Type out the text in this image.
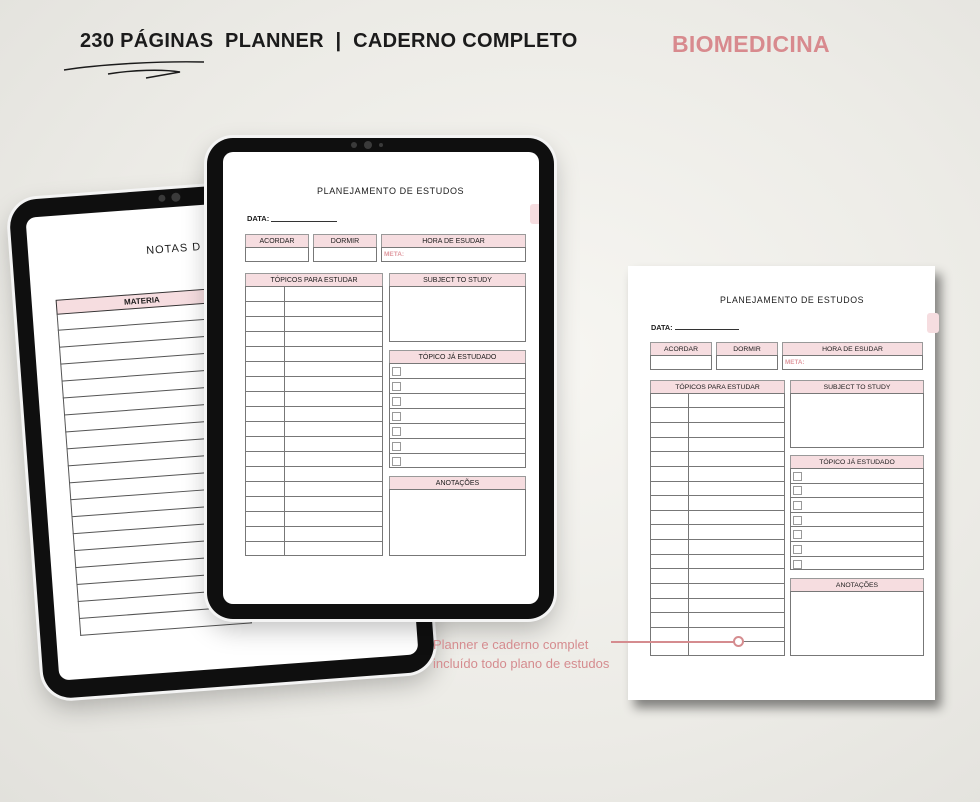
230 PÁGINAS  PLANNER  |  CADERNO COMPLETO	BIOMEDICINA
NOTAS D
MATERIA
PLANEJAMENTO DE ESTUDOS
DATA:
ACORDAR	DORMIR	HORA DE ESUDAR
META:
TÓPICOS PARA ESTUDAR	SUBJECT TO STUDY
TÓPICO JÁ ESTUDADO
ANOTAÇÕES
PLANEJAMENTO DE ESTUDOS
DATA:
ACORDAR	DORMIR	HORA DE ESUDAR
META:
TÓPICOS PARA ESTUDAR	SUBJECT TO STUDY
TÓPICO JÁ ESTUDADO
ANOTAÇÕES
Planner e caderno complet
incluído todo plano de estudos
